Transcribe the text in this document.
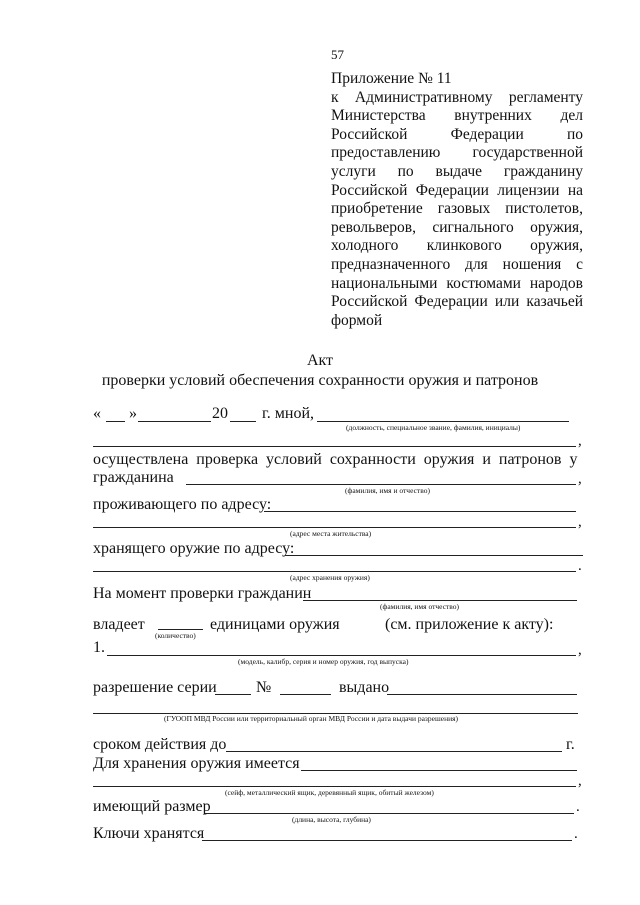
57
Приложение № 11
к Административному регламенту
Министерства внутренних дел
Российской Федерации по
предоставлению государственной
услуги по выдаче гражданину
Российской Федерации лицензии на
приобретение газовых пистолетов,
револьверов, сигнального оружия,
холодного клинкового оружия,
предназначенного для ношения с
национальными костюмами народов
Российской Федерации или казачьей
формой
Акт
проверки условий обеспечения сохранности оружия и патронов
« »	20 г. мной,
(должность, специальное звание, фамилия, инициалы)
,
осуществлена проверка условий сохранности оружия и патронов у
гражданина	,
(фамилия, имя и отчество)
проживающего по адресу:
,
(адрес места жительства)
хранящего оружие по адресу:
.
(адрес хранения оружия)
На момент проверки гражданин
(фамилия, имя отчество)
владеет	единицами оружия	(см. приложение к акту):
(количество)
1.	,
(модель, калибр, серия и номер оружия, год выпуска)
разрешение серии №	выдано
(ГУООП МВД России или территориальный орган МВД России и дата выдачи разрешения)
сроком действия до	г.
Для хранения оружия имеется
,
(сейф, металлический ящик, деревянный ящик, обитый железом)
имеющий размер	.
(длина, высота, глубина)
Ключи хранятся	.
